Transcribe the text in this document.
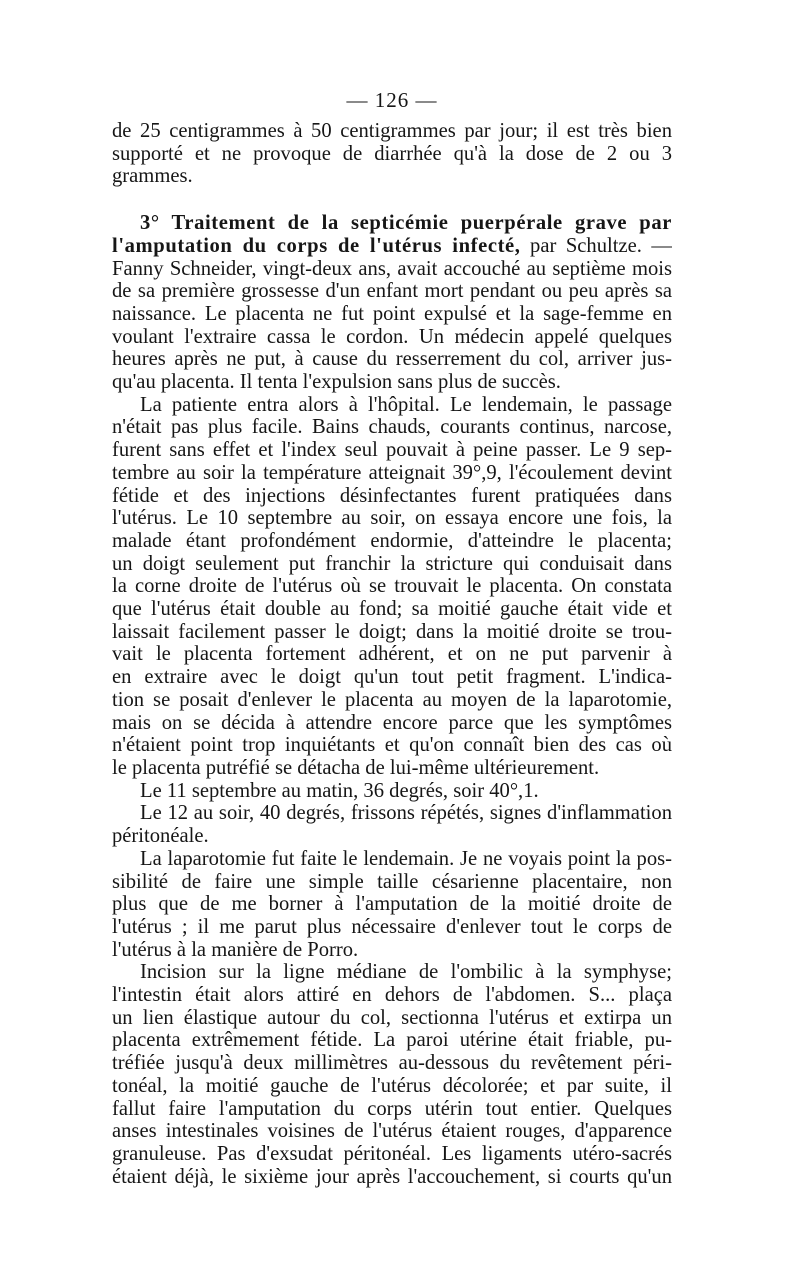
— 126 —
de 25 centigrammes à 50 centigrammes par jour; il est très bien
supporté et ne provoque de diarrhée qu'à la dose de 2 ou 3
grammes.
3° Traitement de la septicémie puerpérale grave par
l'amputation du corps de l'utérus infecté, par Schultze. —
Fanny Schneider, vingt-deux ans, avait accouché au septième mois
de sa première grossesse d'un enfant mort pendant ou peu après sa
naissance. Le placenta ne fut point expulsé et la sage-femme en
voulant l'extraire cassa le cordon. Un médecin appelé quelques
heures après ne put, à cause du resserrement du col, arriver jus-
qu'au placenta. Il tenta l'expulsion sans plus de succès.
La patiente entra alors à l'hôpital. Le lendemain, le passage
n'était pas plus facile. Bains chauds, courants continus, narcose,
furent sans effet et l'index seul pouvait à peine passer. Le 9 sep-
tembre au soir la température atteignait 39°,9, l'écoulement devint
fétide et des injections désinfectantes furent pratiquées dans
l'utérus. Le 10 septembre au soir, on essaya encore une fois, la
malade étant profondément endormie, d'atteindre le placenta;
un doigt seulement put franchir la stricture qui conduisait dans
la corne droite de l'utérus où se trouvait le placenta. On constata
que l'utérus était double au fond; sa moitié gauche était vide et
laissait facilement passer le doigt; dans la moitié droite se trou-
vait le placenta fortement adhérent, et on ne put parvenir à
en extraire avec le doigt qu'un tout petit fragment. L'indica-
tion se posait d'enlever le placenta au moyen de la laparotomie,
mais on se décida à attendre encore parce que les symptômes
n'étaient point trop inquiétants et qu'on connaît bien des cas où
le placenta putréfié se détacha de lui-même ultérieurement.
Le 11 septembre au matin, 36 degrés, soir 40°,1.
Le 12 au soir, 40 degrés, frissons répétés, signes d'inflammation
péritonéale.
La laparotomie fut faite le lendemain. Je ne voyais point la pos-
sibilité de faire une simple taille césarienne placentaire, non
plus que de me borner à l'amputation de la moitié droite de
l'utérus ; il me parut plus nécessaire d'enlever tout le corps de
l'utérus à la manière de Porro.
Incision sur la ligne médiane de l'ombilic à la symphyse;
l'intestin était alors attiré en dehors de l'abdomen. S... plaça
un lien élastique autour du col, sectionna l'utérus et extirpa un
placenta extrêmement fétide. La paroi utérine était friable, pu-
tréfiée jusqu'à deux millimètres au-dessous du revêtement péri-
tonéal, la moitié gauche de l'utérus décolorée; et par suite, il
fallut faire l'amputation du corps utérin tout entier. Quelques
anses intestinales voisines de l'utérus étaient rouges, d'apparence
granuleuse. Pas d'exsudat péritonéal. Les ligaments utéro-sacrés
étaient déjà, le sixième jour après l'accouchement, si courts qu'un
